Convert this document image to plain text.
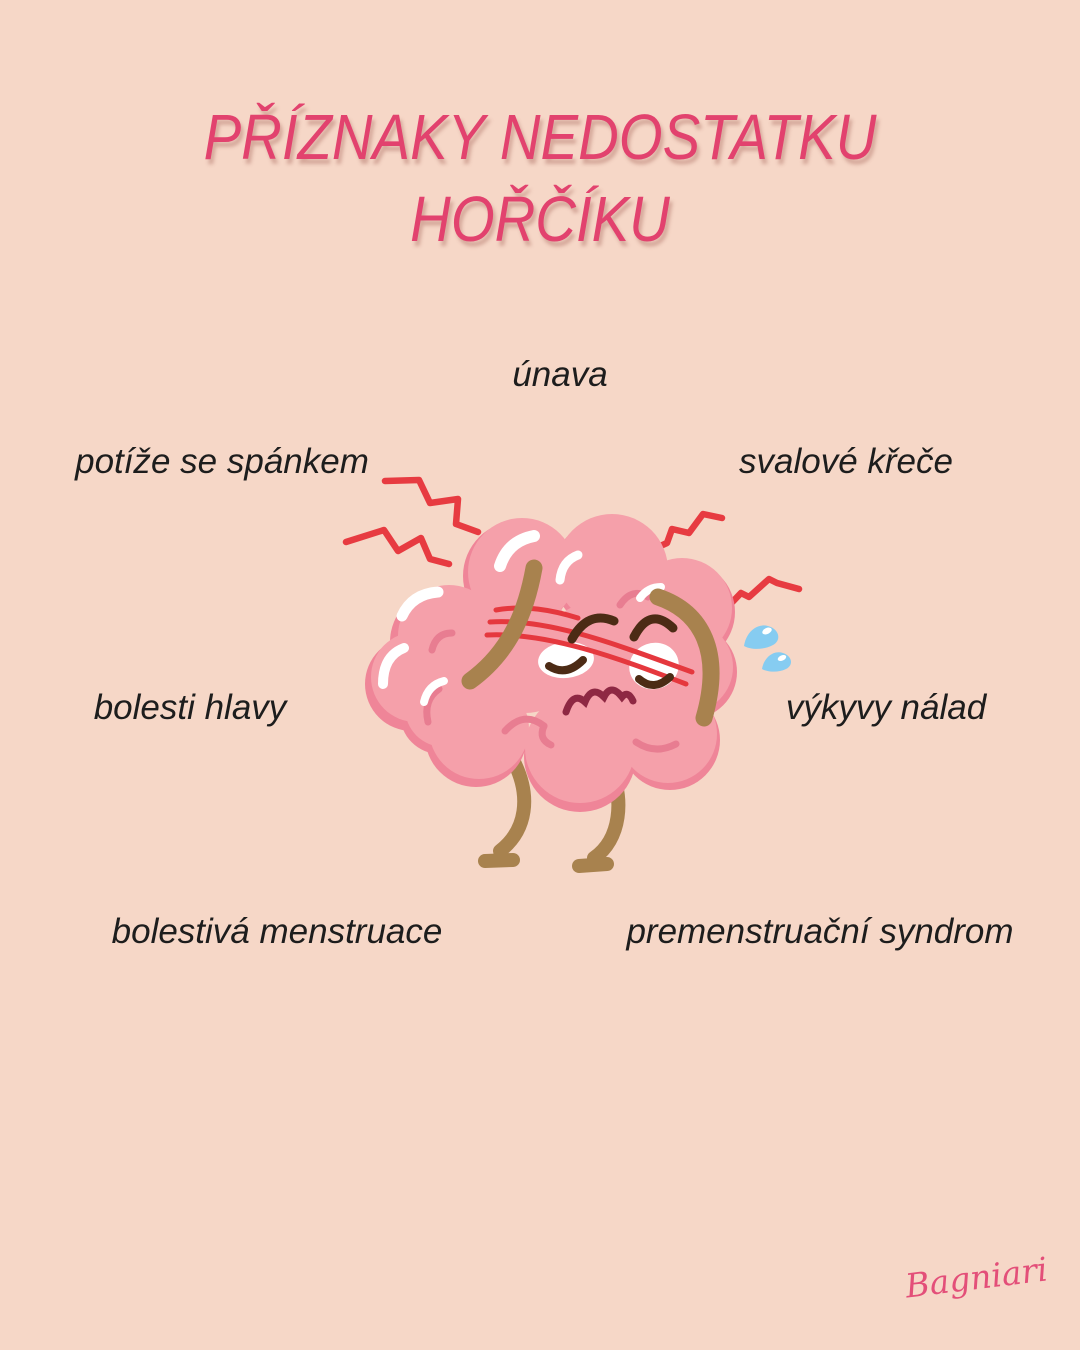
PŘÍZNAKY NEDOSTATKU
HOŘČÍKU
únava
potíže se spánkem	svalové křeče
bolesti hlavy	výkyvy nálad
bolestivá menstruace	premenstruační syndrom
Bagniari
